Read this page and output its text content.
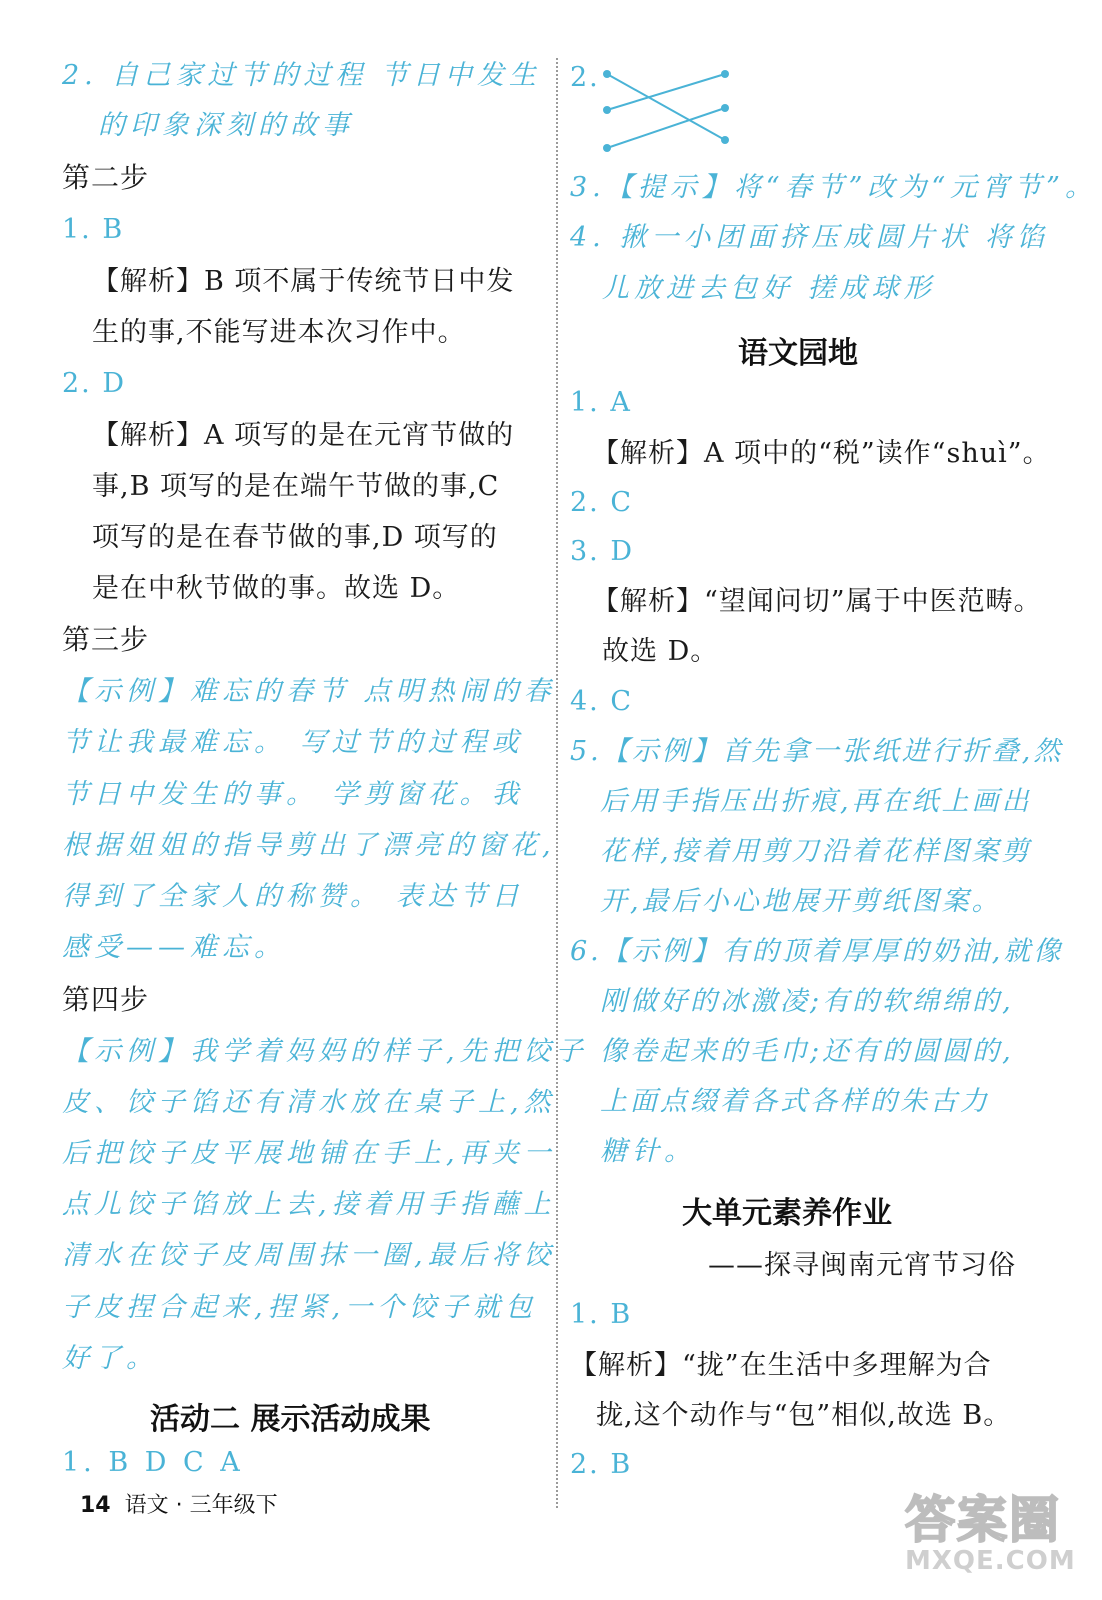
2. 自己家过节的过程 节日中发生
的印象深刻的故事
第二步
1. B
【解析】B 项不属于传统节日中发
生的事,不能写进本次习作中。
2. D
【解析】A 项写的是在元宵节做的
事,B 项写的是在端午节做的事,C
项写的是在春节做的事,D 项写的
是在中秋节做的事。故选 D。
第三步
【示例】难忘的春节 点明热闹的春
节让我最难忘。 写过节的过程或
节日中发生的事。 学剪窗花。我
根据姐姐的指导剪出了漂亮的窗花,
得到了全家人的称赞。 表达节日
感受——难忘。
第四步
【示例】我学着妈妈的样子,先把饺子
皮、饺子馅还有清水放在桌子上,然
后把饺子皮平展地铺在手上,再夹一
点儿饺子馅放上去,接着用手指蘸上
清水在饺子皮周围抹一圈,最后将饺
子皮捏合起来,捏紧,一个饺子就包
好了。
活动二 展示活动成果
1. B D C A
2.
3.【提示】将“春节”改为“元宵节”。
4. 揪一小团面挤压成圆片状 将馅
儿放进去包好 搓成球形
语文园地
1. A
【解析】A 项中的“税”读作“shuì”。
2. C
3. D
【解析】“望闻问切”属于中医范畴。
故选 D。
4. C
5.【示例】首先拿一张纸进行折叠,然
后用手指压出折痕,再在纸上画出
花样,接着用剪刀沿着花样图案剪
开,最后小心地展开剪纸图案。
6.【示例】有的顶着厚厚的奶油,就像
刚做好的冰激凌;有的软绵绵的,
像卷起来的毛巾;还有的圆圆的,
上面点缀着各式各样的朱古力
糖针。
大单元素养作业
——探寻闽南元宵节习俗
1. B
【解析】“拢”在生活中多理解为合
拢,这个动作与“包”相似,故选 B。
2. B
14 语文 · 三年级下	答案圈
MXQE.COM
